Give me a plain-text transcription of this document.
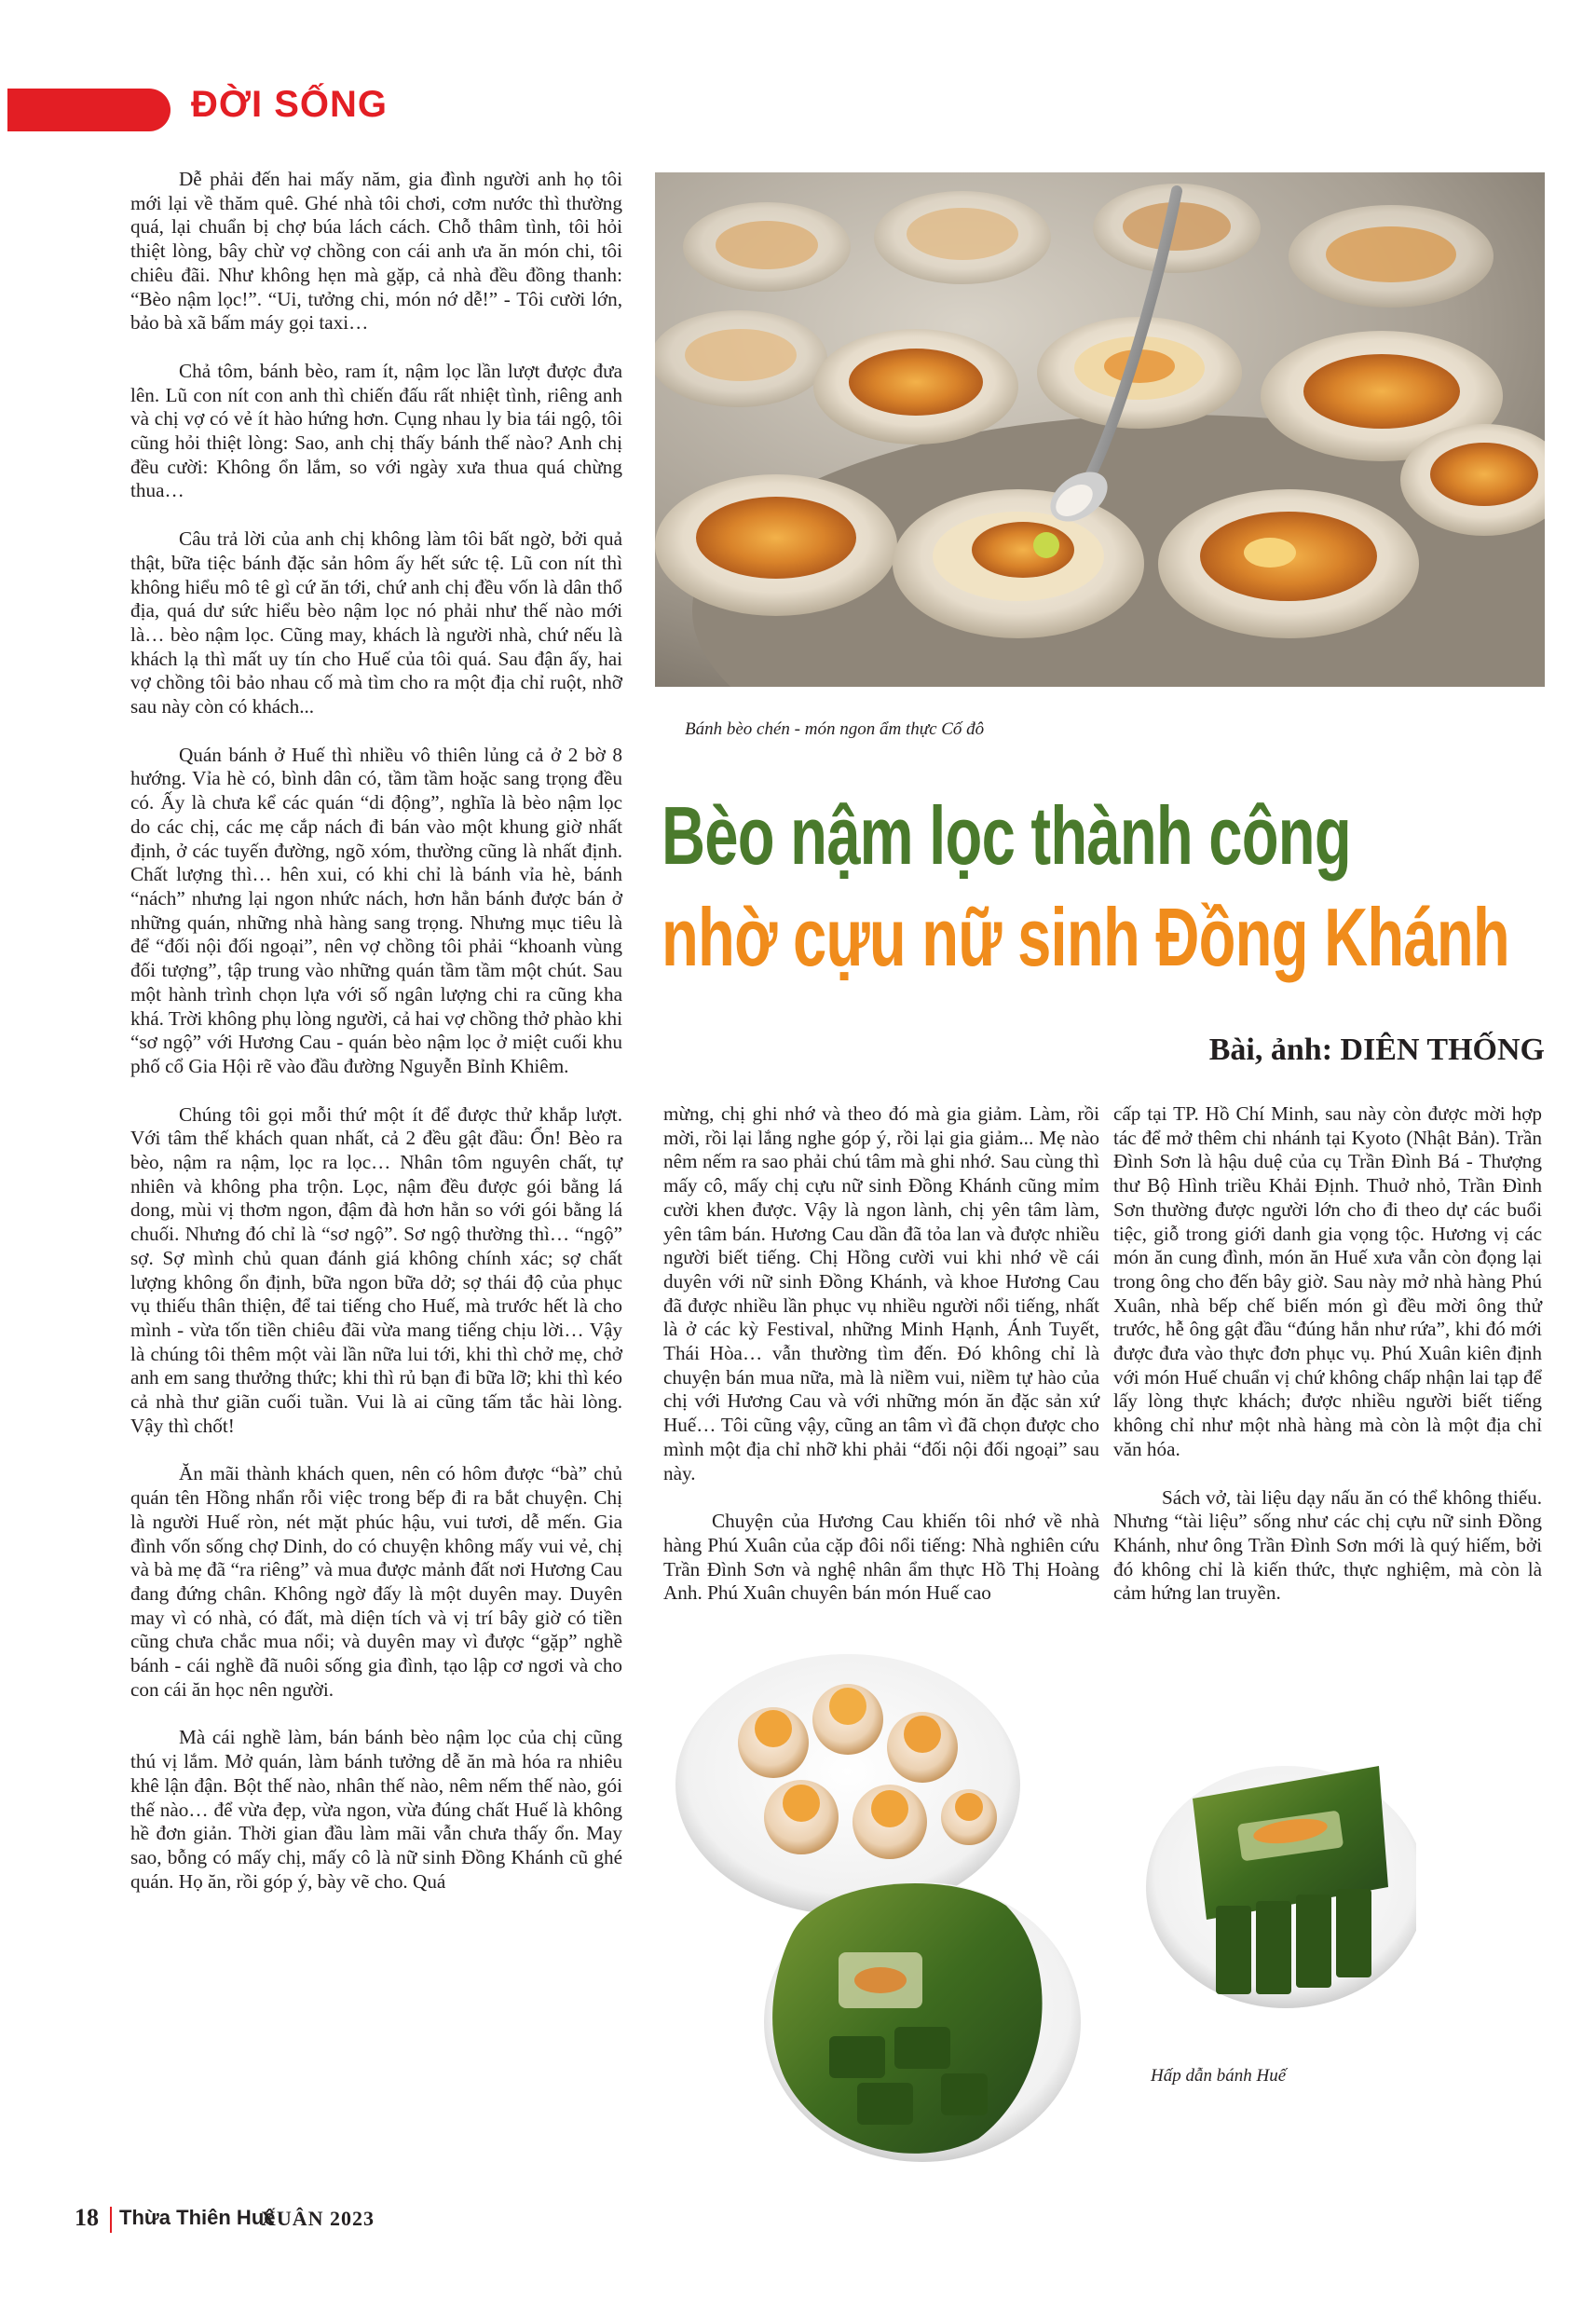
ĐỜI SỐNG

Dễ phải đến hai mấy năm, gia đình người anh họ tôi mới lại về thăm quê. Ghé nhà tôi chơi, cơm nước thì thường quá, lại chuẩn bị chợ búa lách cách. Chỗ thâm tình, tôi hỏi thiệt lòng, bây chừ vợ chồng con cái anh ưa ăn món chi, tôi chiêu đãi. Như không hẹn mà gặp, cả nhà đều đồng thanh: “Bèo nậm lọc!”. “Ui, tưởng chi, món nớ dễ!” - Tôi cười lớn, bảo bà xã bấm máy gọi taxi…

Chả tôm, bánh bèo, ram ít, nậm lọc lần lượt được đưa lên. Lũ con nít con anh thì chiến đấu rất nhiệt tình, riêng anh và chị vợ có vẻ ít hào hứng hơn. Cụng nhau ly bia tái ngộ, tôi cũng hỏi thiệt lòng: Sao, anh chị thấy bánh thế nào? Anh chị đều cười: Không ổn lắm, so với ngày xưa thua quá chừng thua…

Câu trả lời của anh chị không làm tôi bất ngờ, bởi quả thật, bữa tiệc bánh đặc sản hôm ấy hết sức tệ. Lũ con nít thì không hiểu mô tê gì cứ ăn tới, chứ anh chị đều vốn là dân thổ địa, quá dư sức hiểu bèo nậm lọc nó phải như thế nào mới là… bèo nậm lọc. Cũng may, khách là người nhà, chứ nếu là khách lạ thì mất uy tín cho Huế của tôi quá. Sau đận ấy, hai vợ chồng tôi bảo nhau cố mà tìm cho ra một địa chỉ ruột, nhỡ sau này còn có khách...

Quán bánh ở Huế thì nhiều vô thiên lủng cả ở 2 bờ 8 hướng. Vỉa hè có, bình dân có, tầm tầm hoặc sang trọng đều có. Ấy là chưa kể các quán “di động”, nghĩa là bèo nậm lọc do các chị, các mẹ cắp nách đi bán vào một khung giờ nhất định, ở các tuyến đường, ngõ xóm, thường cũng là nhất định. Chất lượng thì… hên xui, có khi chỉ là bánh vỉa hè, bánh “nách” nhưng lại ngon nhức nách, hơn hẳn bánh được bán ở những quán, những nhà hàng sang trọng. Nhưng mục tiêu là để “đối nội đối ngoại”, nên vợ chồng tôi phải “khoanh vùng đối tượng”, tập trung vào những quán tầm tầm một chút. Sau một hành trình chọn lựa với số ngân lượng chi ra cũng kha khá. Trời không phụ lòng người, cả hai vợ chồng thở phào khi “sơ ngộ” với Hương Cau - quán bèo nậm lọc ở miệt cuối khu phố cổ Gia Hội rẽ vào đầu đường Nguyễn Bỉnh Khiêm.

Chúng tôi gọi mỗi thứ một ít để được thử khắp lượt. Với tâm thế khách quan nhất, cả 2 đều gật đầu: Ổn! Bèo ra bèo, nậm ra nậm, lọc ra lọc… Nhân tôm nguyên chất, tự nhiên và không pha trộn. Lọc, nậm đều được gói bằng lá dong, mùi vị thơm ngon, đậm đà hơn hẳn so với gói bằng lá chuối. Nhưng đó chỉ là “sơ ngộ”. Sơ ngộ thường thì… “ngộ” sợ. Sợ mình chủ quan đánh giá không chính xác; sợ chất lượng không ổn định, bữa ngon bữa dở; sợ thái độ của phục vụ thiếu thân thiện, để tai tiếng cho Huế, mà trước hết là cho mình - vừa tốn tiền chiêu đãi vừa mang tiếng chịu lời… Vậy là chúng tôi thêm một vài lần nữa lui tới, khi thì chở mẹ, chở anh em sang thưởng thức; khi thì rủ bạn đi bữa lỡ; khi thì kéo cả nhà thư giãn cuối tuần. Vui là ai cũng tấm tắc hài lòng. Vậy thì chốt!

Ăn mãi thành khách quen, nên có hôm được “bà” chủ quán tên Hồng nhẩn rỗi việc trong bếp đi ra bắt chuyện. Chị là người Huế ròn, nét mặt phúc hậu, vui tươi, dễ mến. Gia đình vốn sống chợ Dinh, do có chuyện không mấy vui vẻ, chị và bà mẹ đã “ra riêng” và mua được mảnh đất nơi Hương Cau đang đứng chân. Không ngờ đấy là một duyên may. Duyên may vì có nhà, có đất, mà diện tích và vị trí bây giờ có tiền cũng chưa chắc mua nổi; và duyên may vì được “gặp” nghề bánh - cái nghề đã nuôi sống gia đình, tạo lập cơ ngơi và cho con cái ăn học nên người.

Mà cái nghề làm, bán bánh bèo nậm lọc của chị cũng thú vị lắm. Mở quán, làm bánh tưởng dễ ăn mà hóa ra nhiêu khê lận đận. Bột thế nào, nhân thế nào, nêm nếm thế nào, gói thế nào… để vừa đẹp, vừa ngon, vừa đúng chất Huế là không hề đơn giản. Thời gian đầu làm mãi vẫn chưa thấy ổn. May sao, bỗng có mấy chị, mấy cô là nữ sinh Đồng Khánh cũ ghé quán. Họ ăn, rồi góp ý, bày vẽ cho. Quá

Bánh bèo chén - món ngon ẩm thực Cố đô
Bèo nậm lọc thành công
nhờ cựu nữ sinh Đồng Khánh
Bài, ảnh: DIÊN THỐNG

mừng, chị ghi nhớ và theo đó mà gia giảm. Làm, rồi mời, rồi lại lắng nghe góp ý, rồi lại gia giảm... Mẹ nào nêm nếm ra sao phải chú tâm mà ghi nhớ. Sau cùng thì mấy cô, mấy chị cựu nữ sinh Đồng Khánh cũng mỉm cười khen được. Vậy là ngon lành, chị yên tâm làm, yên tâm bán. Hương Cau dần đã tỏa lan và được nhiều người biết tiếng. Chị Hồng cười vui khi nhớ về cái duyên với nữ sinh Đồng Khánh, và khoe Hương Cau đã được nhiều lần phục vụ nhiều người nổi tiếng, nhất là ở các kỳ Festival, những Minh Hạnh, Ánh Tuyết, Thái Hòa… vẫn thường tìm đến. Đó không chỉ là chuyện bán mua nữa, mà là niềm vui, niềm tự hào của chị với Hương Cau và với những món ăn đặc sản xứ Huế… Tôi cũng vậy, cũng an tâm vì đã chọn được cho mình một địa chỉ nhỡ khi phải “đối nội đối ngoại” sau này.

Chuyện của Hương Cau khiến tôi nhớ về nhà hàng Phú Xuân của cặp đôi nổi tiếng: Nhà nghiên cứu Trần Đình Sơn và nghệ nhân ẩm thực Hồ Thị Hoàng Anh. Phú Xuân chuyên bán món Huế cao

cấp tại TP. Hồ Chí Minh, sau này còn được mời hợp tác để mở thêm chi nhánh tại Kyoto (Nhật Bản). Trần Đình Sơn là hậu duệ của cụ Trần Đình Bá - Thượng thư Bộ Hình triều Khải Định. Thuở nhỏ, Trần Đình Sơn thường được người lớn cho đi theo dự các buổi tiệc, giỗ trong giới danh gia vọng tộc. Hương vị các món ăn cung đình, món ăn Huế xưa vẫn còn đọng lại trong ông cho đến bây giờ. Sau này mở nhà hàng Phú Xuân, nhà bếp chế biến món gì đều mời ông thử trước, hễ ông gật đầu “đúng hắn như rứa”, khi đó mới được đưa vào thực đơn phục vụ. Phú Xuân kiên định với món Huế chuẩn vị chứ không chấp nhận lai tạp để lấy lòng thực khách; được nhiều người biết tiếng không chỉ như một nhà hàng mà còn là một địa chỉ văn hóa.

Sách vở, tài liệu dạy nấu ăn có thể không thiếu. Nhưng “tài liệu” sống như các chị cựu nữ sinh Đồng Khánh, như ông Trần Đình Sơn mới là quý hiếm, bởi đó không chỉ là kiến thức, thực nghiệm, mà còn là cảm hứng lan truyền.

Hấp dẫn bánh Huế
18 Thừa Thiên Huế
XUÂN 2023
